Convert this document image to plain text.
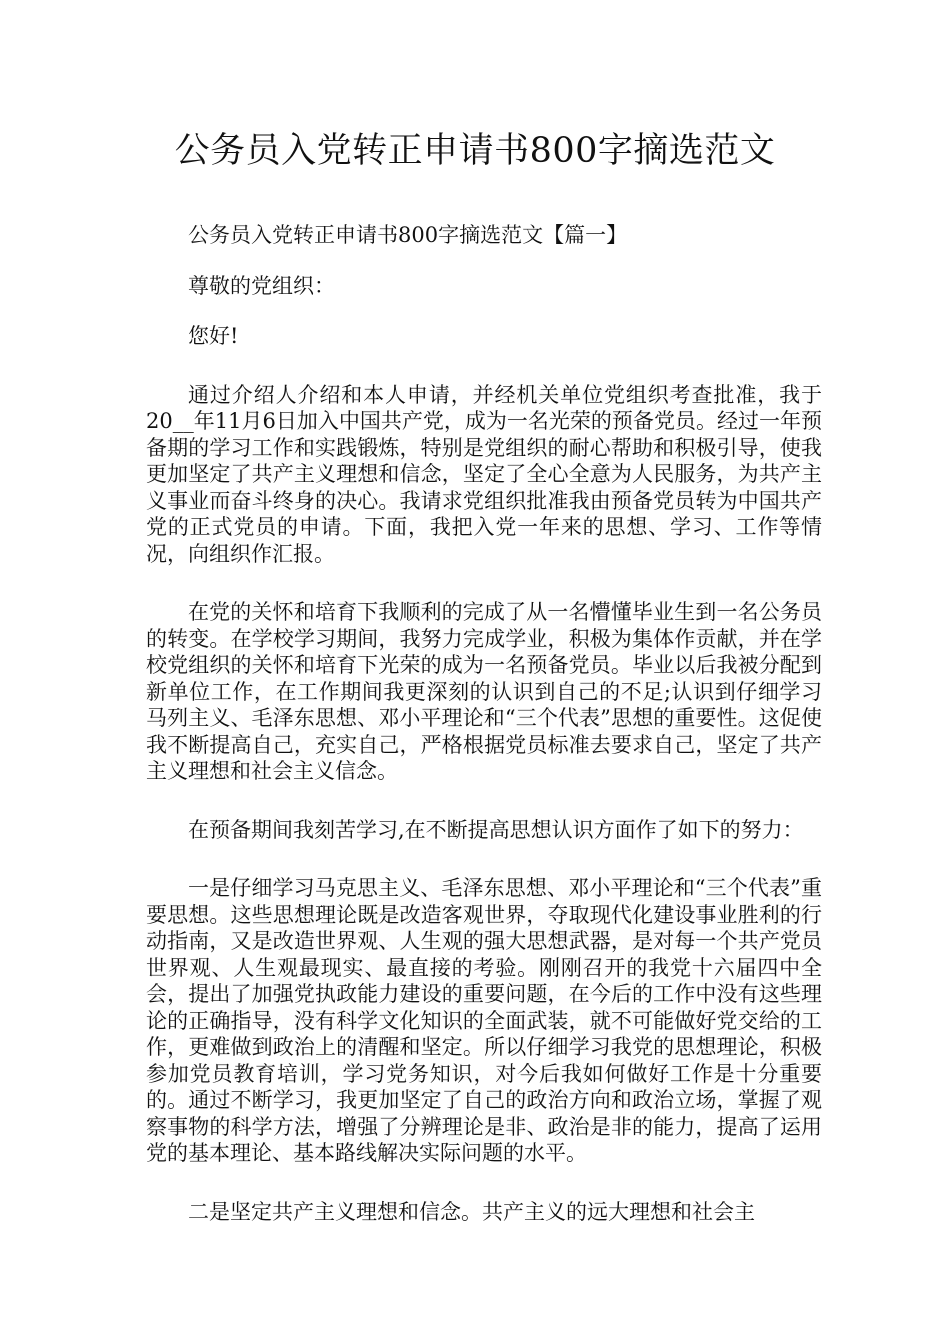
公务员入党转正申请书800字摘选范文

公务员入党转正申请书800字摘选范文【篇一】

尊敬的党组织：

您好!

通过介绍人介绍和本人申请，并经机关单位党组织考查批准，我于20__年11月6日加入中国共产党，成为一名光荣的预备党员。经过一年预备期的学习工作和实践锻炼，特别是党组织的耐心帮助和积极引导，使我更加坚定了共产主义理想和信念，坚定了全心全意为人民服务，为共产主义事业而奋斗终身的决心。我请求党组织批准我由预备党员转为中国共产党的正式党员的申请。下面，我把入党一年来的思想、学习、工作等情况，向组织作汇报。

在党的关怀和培育下我顺利的完成了从一名懵懂毕业生到一名公务员的转变。在学校学习期间，我努力完成学业，积极为集体作贡献，并在学校党组织的关怀和培育下光荣的成为一名预备党员。毕业以后我被分配到新单位工作，在工作期间我更深刻的认识到自己的不足;认识到仔细学习马列主义、毛泽东思想、邓小平理论和“三个代表”思想的重要性。这促使我不断提高自己，充实自己，严格根据党员标准去要求自己，坚定了共产主义理想和社会主义信念。

在预备期间我刻苦学习,在不断提高思想认识方面作了如下的努力：

一是仔细学习马克思主义、毛泽东思想、邓小平理论和“三个代表”重要思想。这些思想理论既是改造客观世界，夺取现代化建设事业胜利的行动指南，又是改造世界观、人生观的强大思想武器，是对每一个共产党员世界观、人生观最现实、最直接的考验。刚刚召开的我党十六届四中全会，提出了加强党执政能力建设的重要问题，在今后的工作中没有这些理论的正确指导，没有科学文化知识的全面武装，就不可能做好党交给的工作，更难做到政治上的清醒和坚定。所以仔细学习我党的思想理论，积极参加党员教育培训，学习党务知识，对今后我如何做好工作是十分重要的。通过不断学习，我更加坚定了自己的政治方向和政治立场，掌握了观察事物的科学方法，增强了分辨理论是非、政治是非的能力，提高了运用党的基本理论、基本路线解决实际问题的水平。

二是坚定共产主义理想和信念。共产主义的远大理想和社会主
